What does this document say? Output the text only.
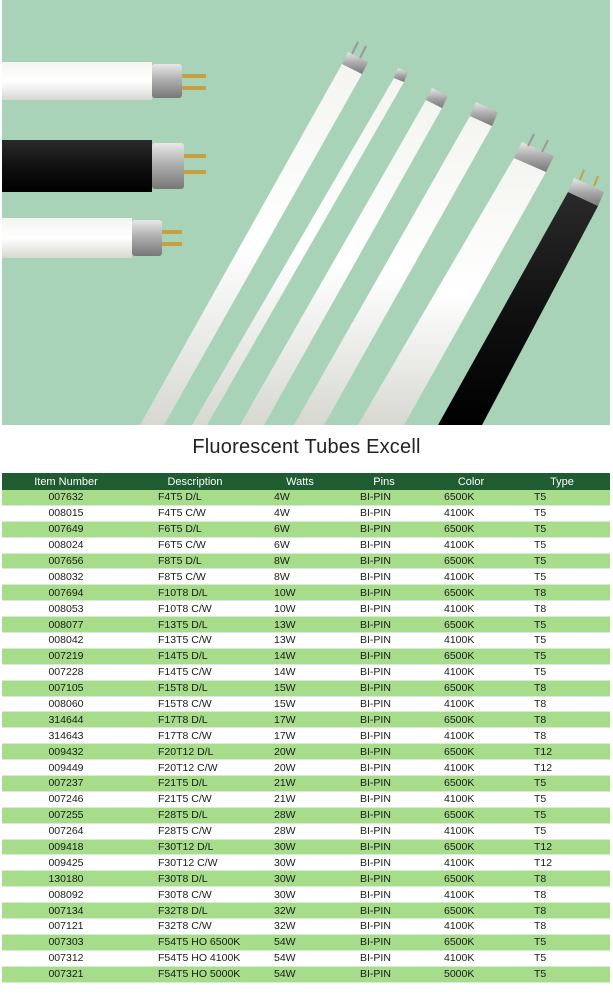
Fluorescent Tubes Excell
Item Number	Description	Watts	Pins	Color	Type
007632	F4T5 D/L	4W	BI-PIN	6500K	T5
008015	F4T5 C/W	4W	BI-PIN	4100K	T5
007649	F6T5 D/L	6W	BI-PIN	6500K	T5
008024	F6T5 C/W	6W	BI-PIN	4100K	T5
007656	F8T5 D/L	8W	BI-PIN	6500K	T5
008032	F8T5 C/W	8W	BI-PIN	4100K	T5
007694	F10T8 D/L	10W	BI-PIN	6500K	T8
008053	F10T8 C/W	10W	BI-PIN	4100K	T8
008077	F13T5 D/L	13W	BI-PIN	6500K	T5
008042	F13T5 C/W	13W	BI-PIN	4100K	T5
007219	F14T5 D/L	14W	BI-PIN	6500K	T5
007228	F14T5 C/W	14W	BI-PIN	4100K	T5
007105	F15T8 D/L	15W	BI-PIN	6500K	T8
008060	F15T8 C/W	15W	BI-PIN	4100K	T8
314644	F17T8 D/L	17W	BI-PIN	6500K	T8
314643	F17T8 C/W	17W	BI-PIN	4100K	T8
009432	F20T12 D/L	20W	BI-PIN	6500K	T12
009449	F20T12 C/W	20W	BI-PIN	4100K	T12
007237	F21T5 D/L	21W	BI-PIN	6500K	T5
007246	F21T5 C/W	21W	BI-PIN	4100K	T5
007255	F28T5 D/L	28W	BI-PIN	6500K	T5
007264	F28T5 C/W	28W	BI-PIN	4100K	T5
009418	F30T12 D/L	30W	BI-PIN	6500K	T12
009425	F30T12 C/W	30W	BI-PIN	4100K	T12
130180	F30T8 D/L	30W	BI-PIN	6500K	T8
008092	F30T8 C/W	30W	BI-PIN	4100K	T8
007134	F32T8 D/L	32W	BI-PIN	6500K	T8
007121	F32T8 C/W	32W	BI-PIN	4100K	T8
007303	F54T5 HO 6500K	54W	BI-PIN	6500K	T5
007312	F54T5 HO 4100K	54W	BI-PIN	4100K	T5
007321	F54T5 HO 5000K	54W	BI-PIN	5000K	T5
